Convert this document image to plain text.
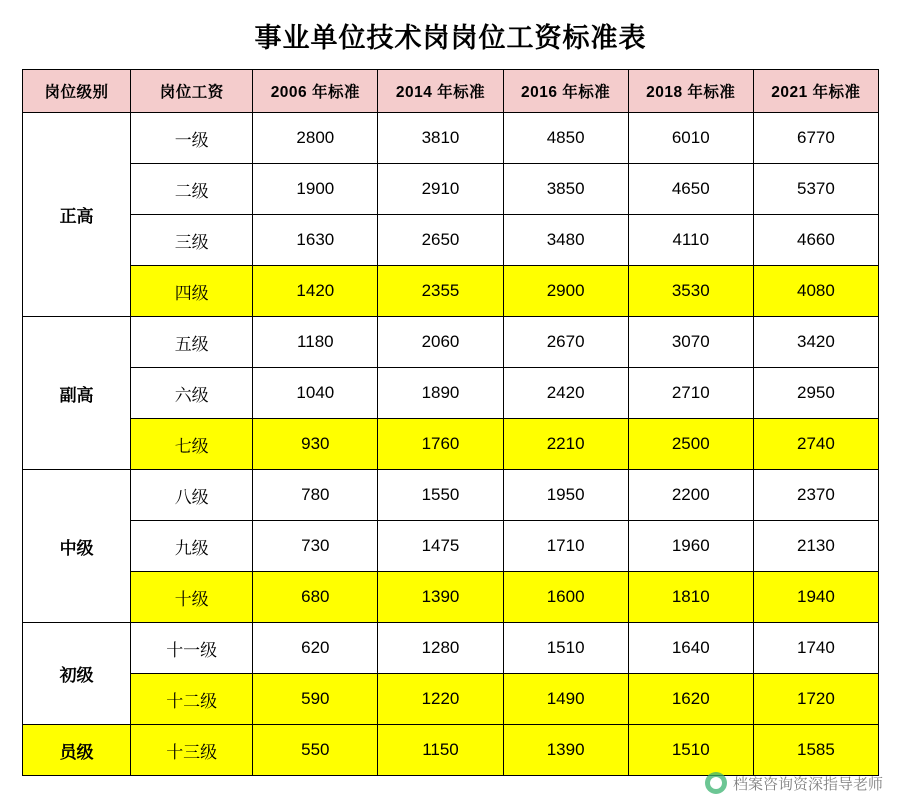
事业单位技术岗岗位工资标准表
岗位级别	岗位工资	2006 年标准	2014 年标准	2016 年标准	2018 年标准	2021 年标准
正高	一级	2800	3810	4850	6010	6770
	二级	1900	2910	3850	4650	5370
	三级	1630	2650	3480	4110	4660
	四级	1420	2355	2900	3530	4080
副高	五级	1180	2060	2670	3070	3420
	六级	1040	1890	2420	2710	2950
	七级	930	1760	2210	2500	2740
中级	八级	780	1550	1950	2200	2370
	九级	730	1475	1710	1960	2130
	十级	680	1390	1600	1810	1940
初级	十一级	620	1280	1510	1640	1740
	十二级	590	1220	1490	1620	1720
员级	十三级	550	1150	1390	1510	1585
档案咨询资深指导老师
